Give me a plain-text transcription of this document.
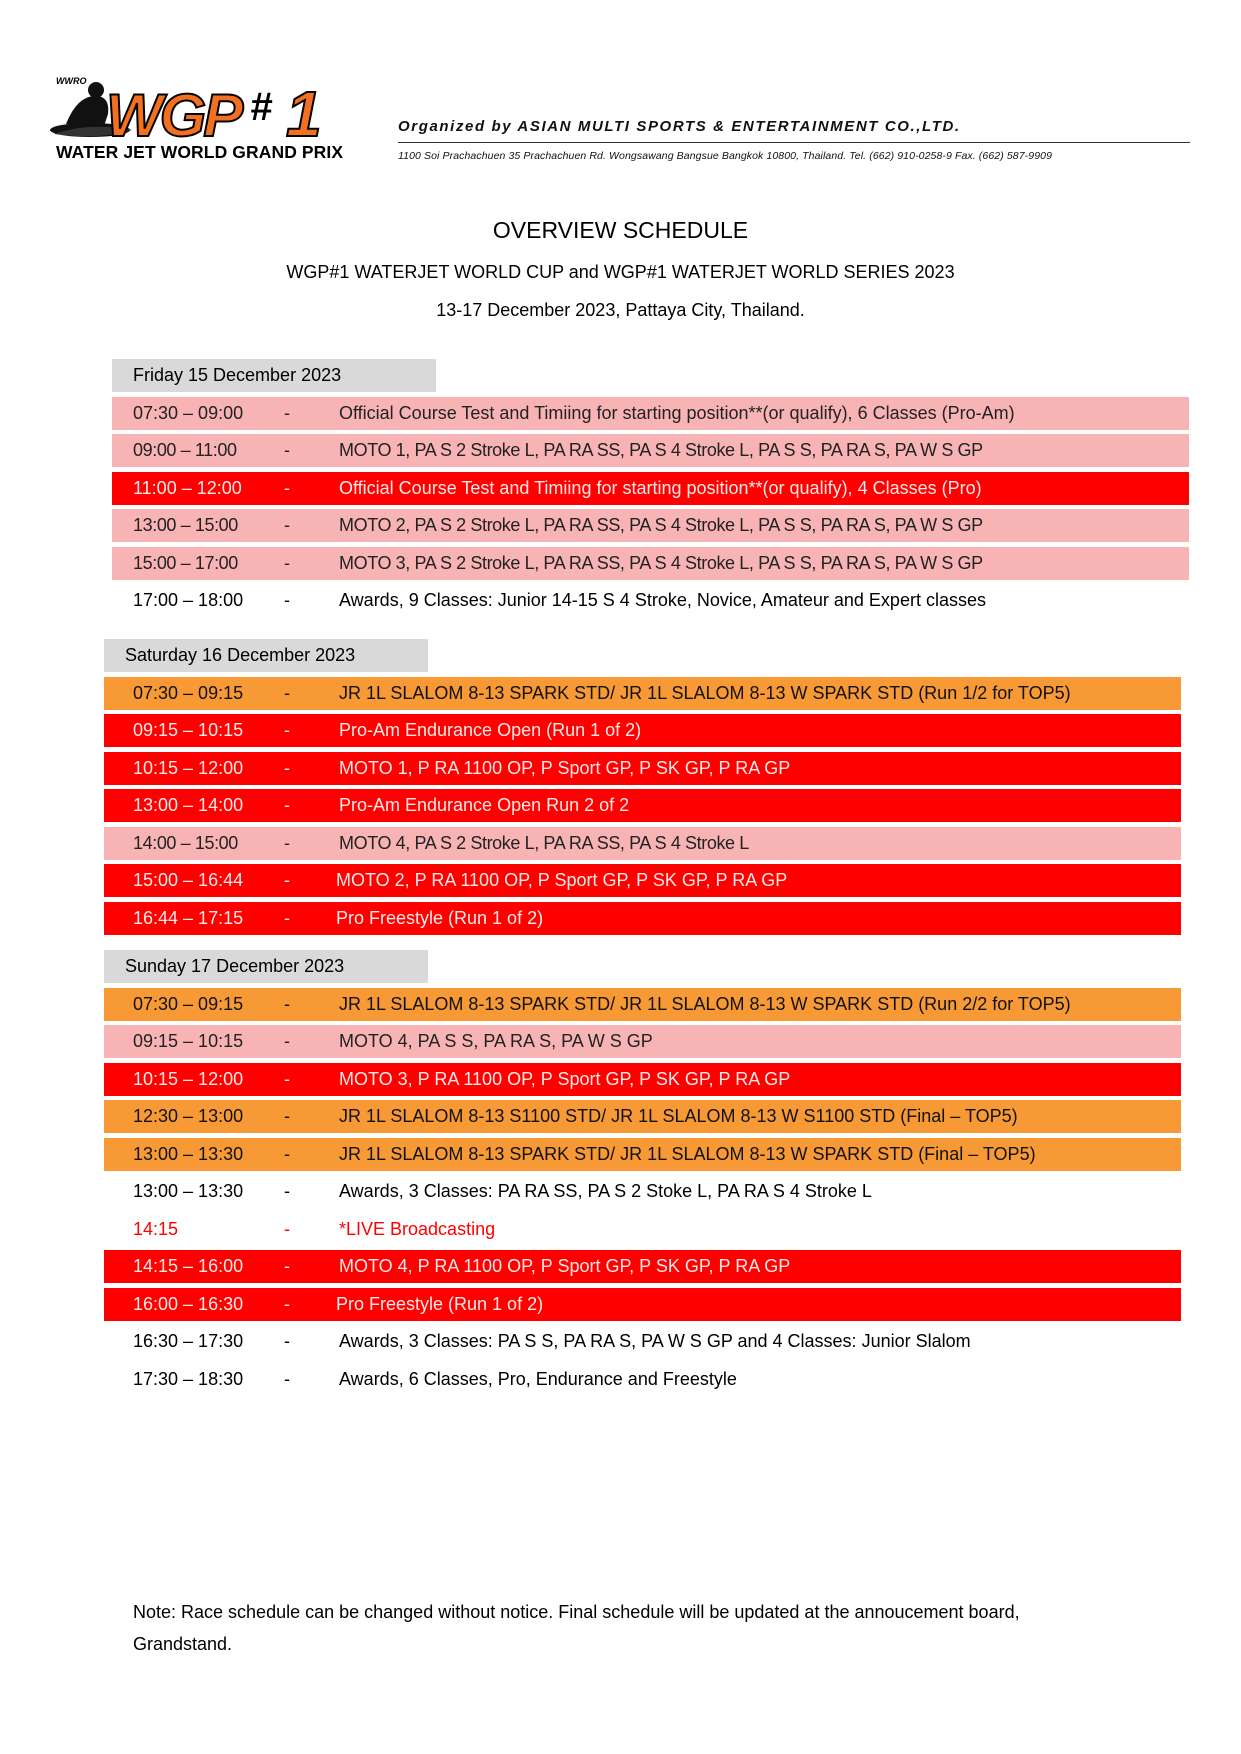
WWRO
WGP # 1
WATER JET WORLD GRAND PRIX
Organized by ASIAN MULTI SPORTS & ENTERTAINMENT CO.,LTD.
1100 Soi Prachachuen 35 Prachachuen Rd. Wongsawang Bangsue Bangkok 10800, Thailand. Tel. (662) 910-0258-9 Fax. (662) 587-9909
OVERVIEW SCHEDULE
WGP#1 WATERJET WORLD CUP and WGP#1 WATERJET WORLD SERIES 2023
13-17 December 2023, Pattaya City, Thailand.
Friday 15 December 2023
07:30 – 09:00 -	Official Course Test and Timiing for starting position**(or qualify), 6 Classes (Pro-Am)
09:00 – 11:00	-	MOTO 1, PA S 2 Stroke L, PA RA SS, PA S 4 Stroke L, PA S S, PA RA S, PA W S GP
11:00 – 12:00 -	Official Course Test and Timiing for starting position**(or qualify), 4 Classes (Pro)
13:00 – 15:00	-	MOTO 2, PA S 2 Stroke L, PA RA SS, PA S 4 Stroke L, PA S S, PA RA S, PA W S GP
15:00 – 17:00	-	MOTO 3, PA S 2 Stroke L, PA RA SS, PA S 4 Stroke L, PA S S, PA RA S, PA W S GP
17:00 – 18:00 -	Awards, 9 Classes: Junior 14-15 S 4 Stroke, Novice, Amateur and Expert classes
Saturday 16 December 2023
07:30 – 09:15 -	JR 1L SLALOM 8-13 SPARK STD/ JR 1L SLALOM 8-13 W SPARK STD (Run 1/2 for TOP5)
09:15 – 10:15 -	Pro-Am Endurance Open (Run 1 of 2)
10:15 – 12:00 -	MOTO 1, P RA 1100 OP, P Sport GP, P SK GP, P RA GP
13:00 – 14:00 -	Pro-Am Endurance Open Run 2 of 2
14:00 – 15:00	-	MOTO 4, PA S 2 Stroke L, PA RA SS, PA S 4 Stroke L
15:00 – 16:44 -	MOTO 2, P RA 1100 OP, P Sport GP, P SK GP, P RA GP
16:44 – 17:15 -	Pro Freestyle (Run 1 of 2)
Sunday 17 December 2023
07:30 – 09:15 -	JR 1L SLALOM 8-13 SPARK STD/ JR 1L SLALOM 8-13 W SPARK STD (Run 2/2 for TOP5)
09:15 – 10:15 -	MOTO 4, PA S S, PA RA S, PA W S GP
10:15 – 12:00 -	MOTO 3, P RA 1100 OP, P Sport GP, P SK GP, P RA GP
12:30 – 13:00 -	JR 1L SLALOM 8-13 S1100 STD/ JR 1L SLALOM 8-13 W S1100 STD (Final – TOP5)
13:00 – 13:30 -	JR 1L SLALOM 8-13 SPARK STD/ JR 1L SLALOM 8-13 W SPARK STD (Final – TOP5)
13:00 – 13:30 -	Awards, 3 Classes: PA RA SS, PA S 2 Stoke L, PA RA S 4 Stroke L
14:15	-	*LIVE Broadcasting
14:15 – 16:00 -	MOTO 4, P RA 1100 OP, P Sport GP, P SK GP, P RA GP
16:00 – 16:30 -	Pro Freestyle (Run 1 of 2)
16:30 – 17:30 -	Awards, 3 Classes: PA S S, PA RA S, PA W S GP and 4 Classes: Junior Slalom
17:30 – 18:30 -	Awards, 6 Classes, Pro, Endurance and Freestyle
Note: Race schedule can be changed without notice. Final schedule will be updated at the annoucement board, Grandstand.
